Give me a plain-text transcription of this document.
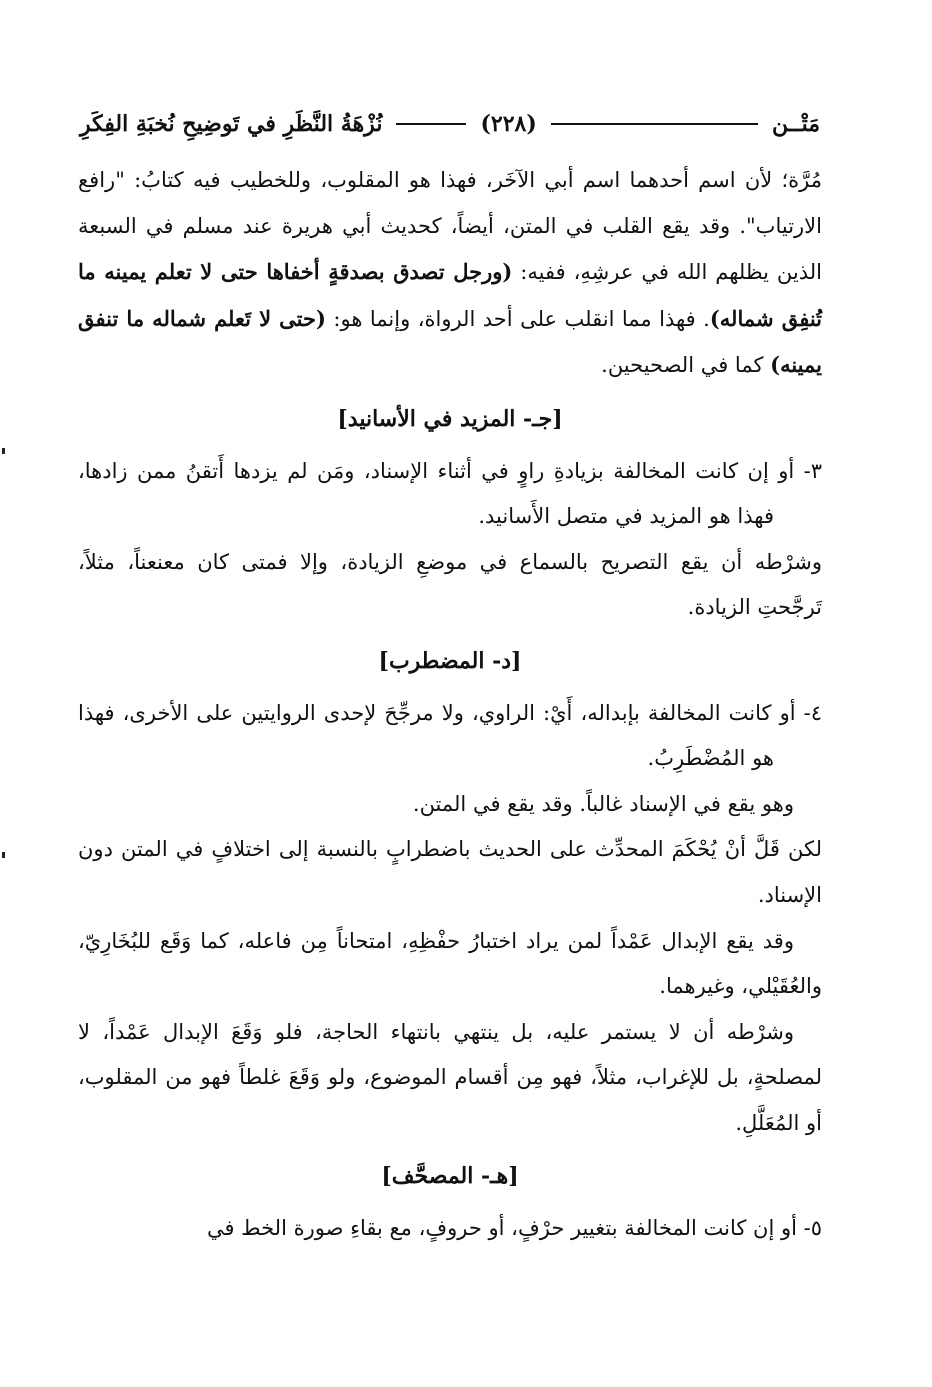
مَتْــن
(٢٢٨)
نُزْهَةُ النَّظَرِ في تَوضِيحِ نُخبَةِ الفِكَرِ

مُرَّة؛ لأن اسم أحدهما اسم أبي الآخَر، فهذا هو المقلوب، وللخطيب فيه كتابُ: "رافع الارتياب". وقد يقع القلب في المتن، أيضاً، كحديث أبي هريرة عند مسلم في السبعة الذين يظلهم الله في عرشِهِ، ففيه: (ورجل تصدق بصدقةٍ أخفاها حتى لا تعلم يمينه ما تُنفِق شماله). فهذا مما انقلب على أحد الرواة، وإنما هو: (حتى لا تَعلم شماله ما تنفق يمينه) كما في الصحيحين.

[جـ- المزيد في الأسانيد]

٣- أو إن كانت المخالفة بزيادةِ راوٍ في أثناء الإسناد، ومَن لم يزدها أَتقنُ ممن زادها، فهذا هو المزيد في متصل الأَسانيد.

وشرْطه أن يقع التصريح بالسماع في موضعِ الزيادة، وإلا فمتى كان معنعناً، مثلاً، تَرجَّحتِ الزيادة.

[د- المضطرب]

٤- أو كانت المخالفة بإبداله، أَيْ: الراوي، ولا مرجِّحَ لإحدى الروايتين على الأخرى، فهذا هو المُضْطَرِبُ.

وهو يقع في الإسناد غالباً. وقد يقع في المتن.

لكن قَلَّ أنْ يُحْكَمَ المحدِّث على الحديث باضطرابٍ بالنسبة إلى اختلافٍ في المتن دون الإسناد.

وقد يقع الإبدال عَمْداً لمن يراد اختبارُ حفْظِهِ، امتحاناً مِن فاعله، كما وَقَع للبُخَارِيّ، والعُقَيْلي، وغيرهما.

وشرْطه أن لا يستمر عليه، بل ينتهي بانتهاء الحاجة، فلو وَقَعَ الإبدال عَمْداً، لا لمصلحةٍ، بل للإغراب، مثلاً، فهو مِن أقسام الموضوع، ولو وَقَعَ غلطاً فهو من المقلوب، أو المُعَلَّلِ.

[هـ- المصحَّف]

٥- أو إن كانت المخالفة بتغيير حرْفٍ، أو حروفٍ، مع بقاءِ صورة الخط في
